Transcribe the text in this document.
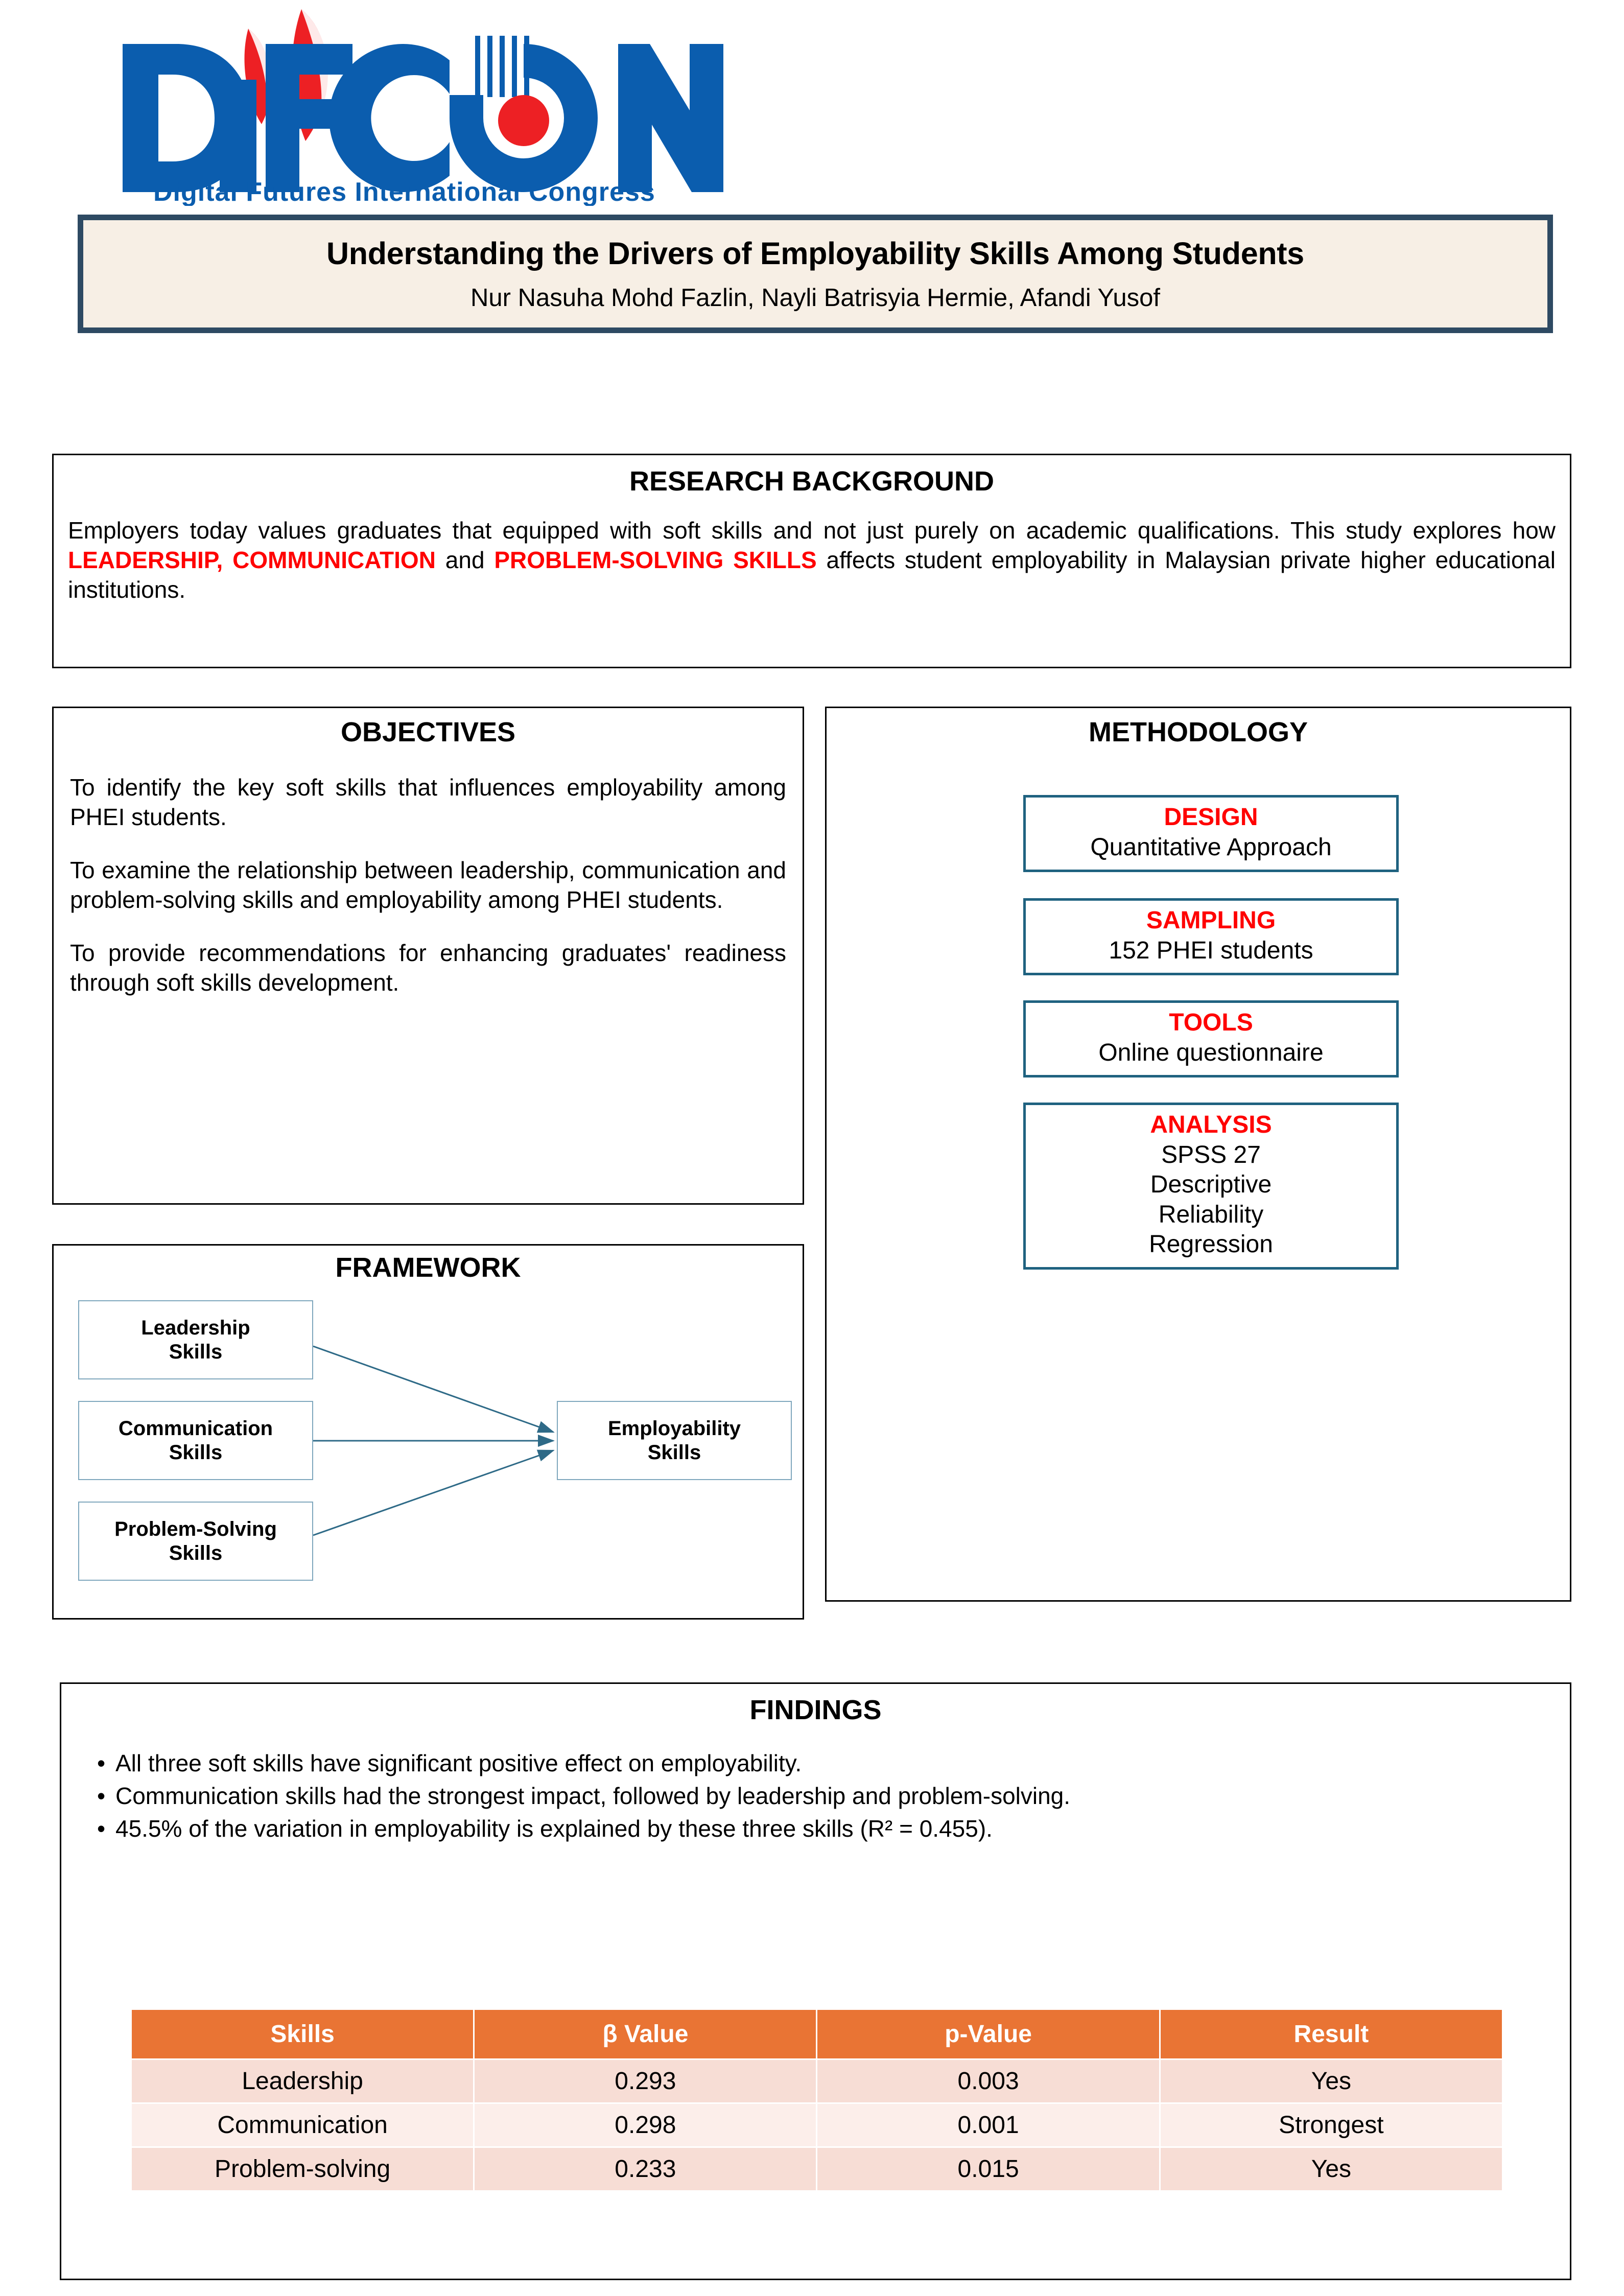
Digital Futures International Congress
Understanding the Drivers of Employability Skills Among Students
Nur Nasuha Mohd Fazlin, Nayli Batrisyia Hermie, Afandi Yusof
RESEARCH BACKGROUND
Employers today values graduates that equipped with soft skills and not just purely on academic qualifications. This study explores how LEADERSHIP, COMMUNICATION and PROBLEM-SOLVING SKILLS affects student employability in Malaysian private higher educational institutions.
OBJECTIVES

To identify the key soft skills that influences employability among PHEI students.

To examine the relationship between leadership, communication and problem-solving skills and employability among PHEI students.

To provide recommendations for enhancing graduates' readiness through soft skills development.

FRAMEWORK
Leadership
Skills
Communication
Skills
Problem-Solving
Skills
Employability
Skills
METHODOLOGY
DESIGN
Quantitative Approach
SAMPLING
152 PHEI students
TOOLS
Online questionnaire
ANALYSIS
SPSS 27
Descriptive
Reliability
Regression
FINDINGS
• All three soft skills have significant positive effect on employability.
• Communication skills had the strongest impact, followed by leadership and problem-solving.
• 45.5% of the variation in employability is explained by these three skills (R² = 0.455).
Skills	β Value	p-Value	Result
Leadership	0.293	0.003	Yes
Communication	0.298	0.001	Strongest
Problem-solving	0.233	0.015	Yes
